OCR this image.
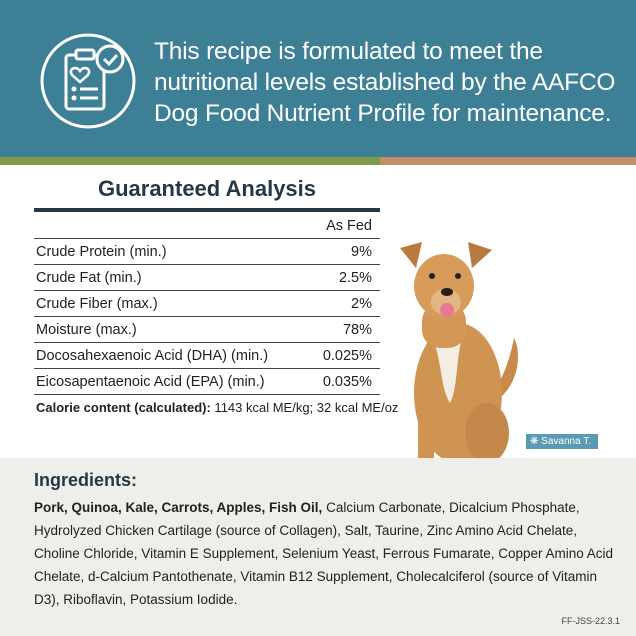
This recipe is formulated to meet the nutritional levels established by the AAFCO Dog Food Nutrient Profile for maintenance.
Guaranteed Analysis
As Fed
Crude Protein (min.)	9%
Crude Fat (min.)	2.5%
Crude Fiber (max.)	2%
Moisture (max.)	78%
Docosahexaenoic Acid (DHA) (min.)	0.025%
Eicosapentaenoic Acid (EPA) (min.)	0.035%
Calorie content (calculated): 1143 kcal ME/kg; 32 kcal ME/oz
❋ Savanna T.
Ingredients:
Pork, Quinoa, Kale, Carrots, Apples, Fish Oil, Calcium Carbonate, Dicalcium Phosphate, Hydrolyzed Chicken Cartilage (source of Collagen), Salt, Taurine, Zinc Amino Acid Chelate, Choline Chloride, Vitamin E Supplement, Selenium Yeast, Ferrous Fumarate, Copper Amino Acid Chelate, d-Calcium Pantothenate, Vitamin B12 Supplement, Cholecalciferol (source of Vitamin D3), Riboflavin, Potassium Iodide.
FF-JSS-22.3.1
